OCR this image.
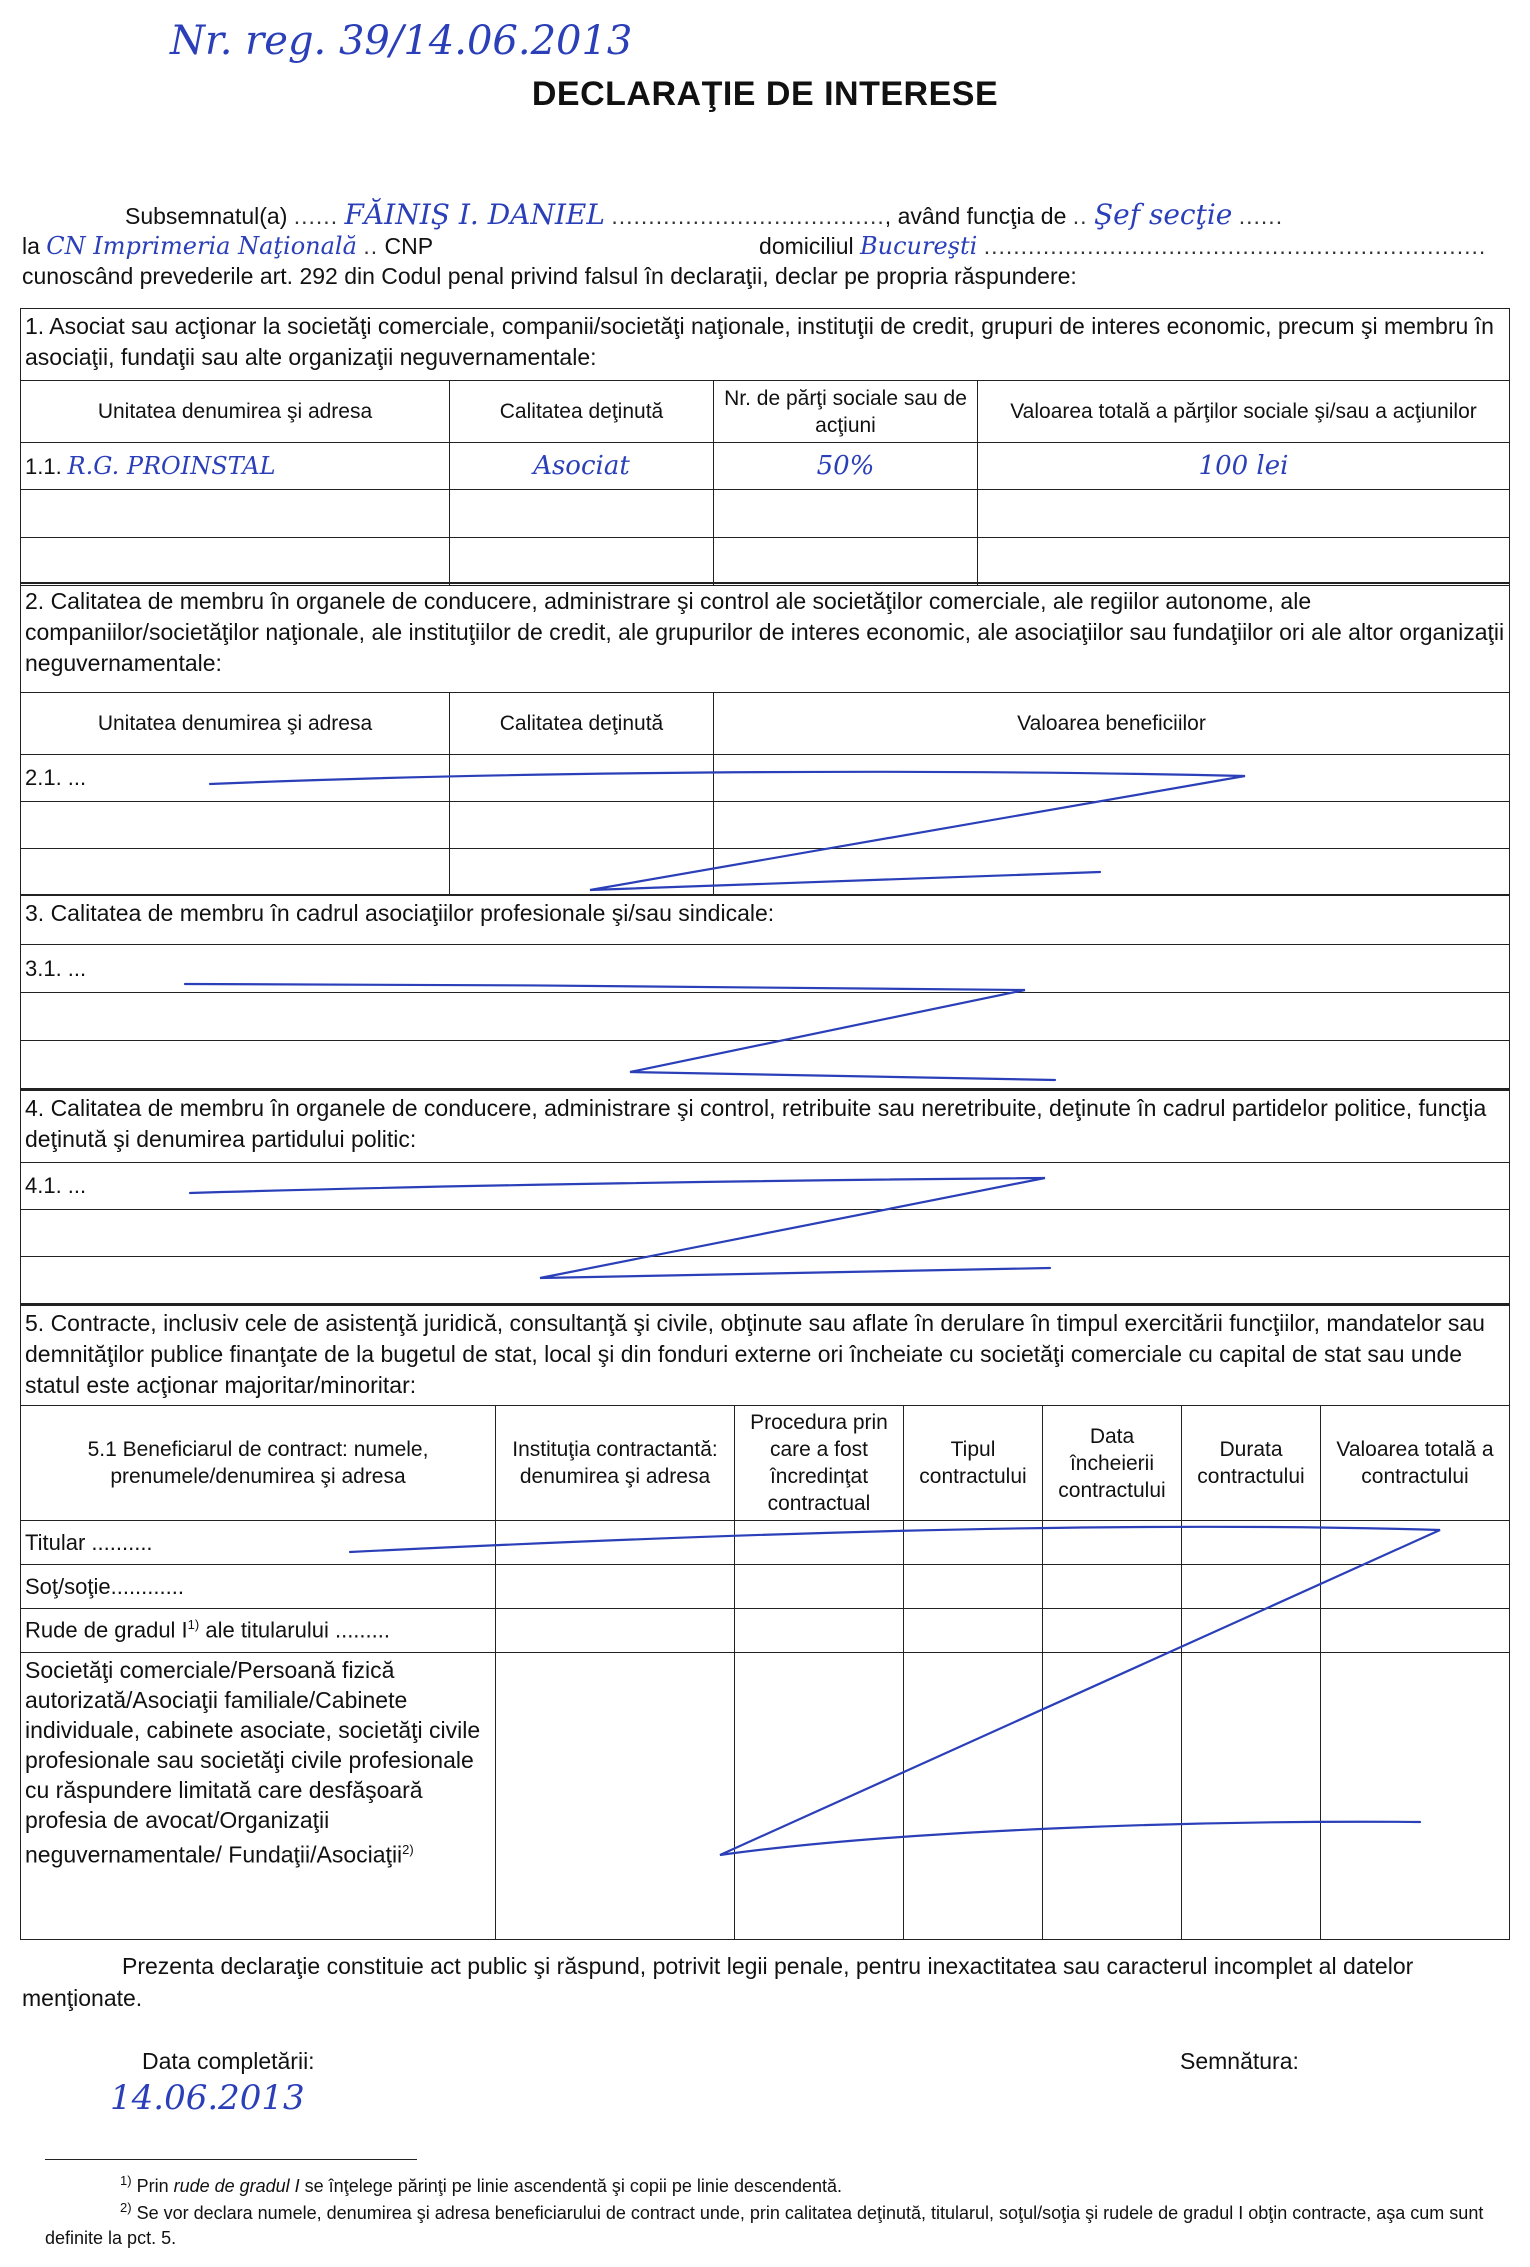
Nr. reg. 39/14.06.2013
DECLARAŢIE DE INTERESE
Subsemnatul(a) ...... FĂINIŞ I. DANIEL ....................................., având funcţia de .. Şef secţie ......
la CN Imprimeria Naţională .. CNP	domiciliul Bucureşti ....................................................................
cunoscând prevederile art. 292 din Codul penal privind falsul în declaraţii, declar pe propria răspundere:
1. Asociat sau acţionar la societăţi comerciale, companii/societăţi naţionale, instituţii de credit, grupuri de interes economic, precum şi membru în asociaţii, fundaţii sau alte organizaţii neguvernamentale:
Unitatea denumirea şi adresa	Calitatea deţinută	Nr. de părţi sociale sau de acţiuni	Valoarea totală a părţilor sociale şi/sau a acţiunilor
1.1. R.G. PROINSTAL	Asociat	50%	100 lei

2. Calitatea de membru în organele de conducere, administrare şi control ale societăţilor comerciale, ale regiilor autonome, ale companiilor/societăţilor naţionale, ale instituţiilor de credit, ale grupurilor de interes economic, ale asociaţiilor sau fundaţiilor ori ale altor organizaţii neguvernamentale:
Unitatea denumirea şi adresa	Calitatea deţinută	Valoarea beneficiilor
2.1. ...		

3. Calitatea de membru în cadrul asociaţiilor profesionale şi/sau sindicale:
3.1. ...

4. Calitatea de membru în organele de conducere, administrare şi control, retribuite sau neretribuite, deţinute în cadrul partidelor politice, funcţia deţinută şi denumirea partidului politic:
4.1. ...

5. Contracte, inclusiv cele de asistenţă juridică, consultanţă şi civile, obţinute sau aflate în derulare în timpul exercitării funcţiilor, mandatelor sau demnităţilor publice finanţate de la bugetul de stat, local şi din fonduri externe ori încheiate cu societăţi comerciale cu capital de stat sau unde statul este acţionar majoritar/minoritar:
5.1 Beneficiarul de contract: numele, prenumele/denumirea şi adresa	Instituţia contractantă: denumirea şi adresa	Procedura prin care a fost încredinţat contractual	Tipul contractului	Data încheierii contractului	Durata contractului	Valoarea totală a contractului
Titular ..........						
Soţ/soţie............						
Rude de gradul $I^{1)}$ ale titularului .........						
Societăţi comerciale/Persoană fizică autorizată/Asociaţii familiale/Cabinete individuale, cabinete asociate, societăţi civile profesionale sau societăţi civile profesionale cu răspundere limitată care desfăşoară profesia de avocat/Organizaţii neguvernamentale/ Fundaţii/Asociaţii$^{2)}$						
Prezenta declaraţie constituie act public şi răspund, potrivit legii penale, pentru inexactitatea sau caracterul incomplet al datelor menţionate.
Data completării:
14.06.2013
Semnătura:
$^{1)}$ Prin rude de gradul I se înţelege părinţi pe linie ascendentă şi copii pe linie descendentă.
$^{2)}$ Se vor declara numele, denumirea şi adresa beneficiarului de contract unde, prin calitatea deţinută, titularul, soţul/soţia şi rudele de gradul I obţin contracte, aşa cum sunt definite la pct. 5.
